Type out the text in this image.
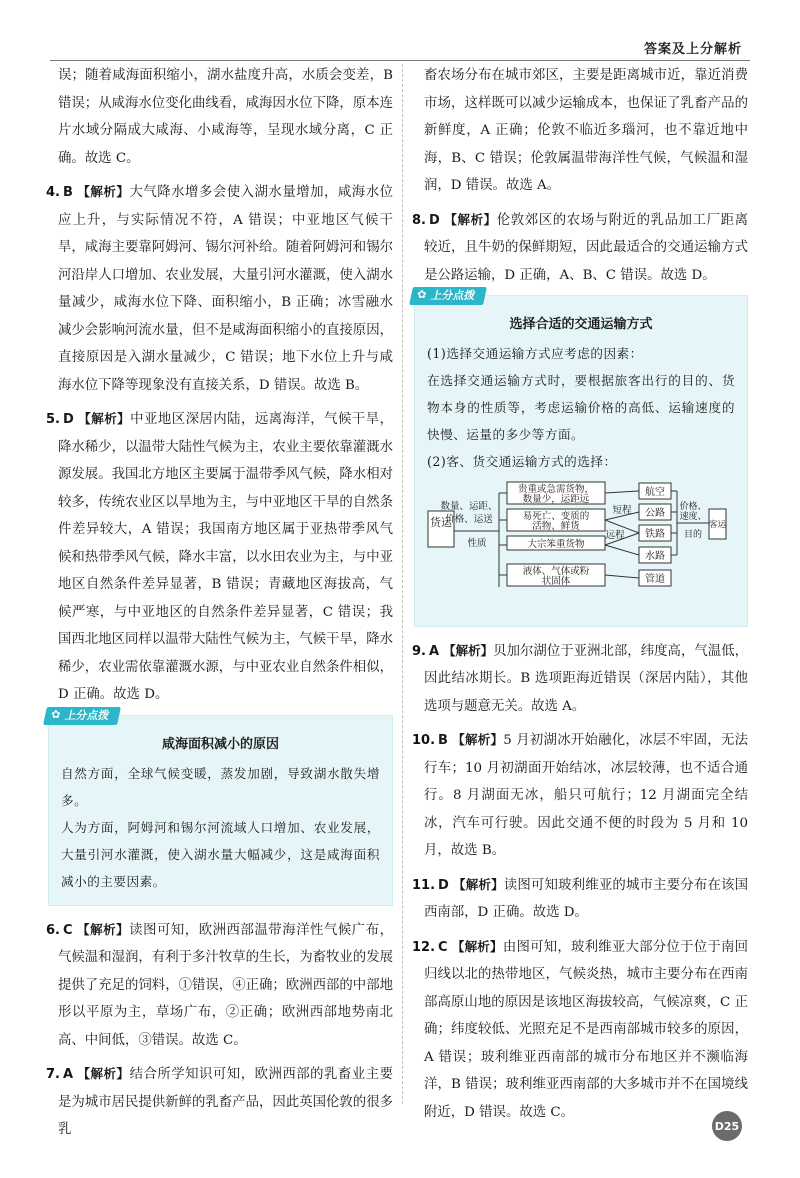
答案及上分解析

误；随着咸海面积缩小，湖水盐度升高，水质会变差，B 错误；从咸海水位变化曲线看，咸海因水位下降，原本连片水域分隔成大咸海、小咸海等，呈现水域分离，C 正确。故选 C。

4. B 【解析】大气降水增多会使入湖水量增加，咸海水位应上升，与实际情况不符，A 错误；中亚地区气候干旱，咸海主要靠阿姆河、锡尔河补给。随着阿姆河和锡尔河沿岸人口增加、农业发展，大量引河水灌溉，使入湖水量减少，咸海水位下降、面积缩小，B 正确；冰雪融水减少会影响河流水量，但不是咸海面积缩小的直接原因，直接原因是入湖水量减少，C 错误；地下水位上升与咸海水位下降等现象没有直接关系，D 错误。故选 B。

5. D 【解析】中亚地区深居内陆，远离海洋，气候干旱，降水稀少，以温带大陆性气候为主，农业主要依靠灌溉水源发展。我国北方地区主要属于温带季风气候，降水相对较多，传统农业区以旱地为主，与中亚地区干旱的自然条件差异较大，A 错误；我国南方地区属于亚热带季风气候和热带季风气候，降水丰富，以水田农业为主，与中亚地区自然条件差异显著，B 错误；青藏地区海拔高，气候严寒，与中亚地区的自然条件差异显著，C 错误；我国西北地区同样以温带大陆性气候为主，气候干旱，降水稀少，农业需依靠灌溉水源，与中亚农业自然条件相似，D 正确。故选 D。

✿ 上分点拨
咸海面积减小的原因

自然方面，全球气候变暖，蒸发加剧，导致湖水散失增多。

人为方面，阿姆河和锡尔河流域人口增加、农业发展，大量引河水灌溉，使入湖水量大幅减少，这是咸海面积减小的主要因素。

6. C 【解析】读图可知，欧洲西部温带海洋性气候广布，气候温和湿润，有利于多汁牧草的生长，为畜牧业的发展提供了充足的饲料，①错误，④正确；欧洲西部的中部地形以平原为主，草场广布，②正确；欧洲西部地势南北高、中间低，③错误。故选 C。

7. A 【解析】结合所学知识可知，欧洲西部的乳畜业主要是为城市居民提供新鲜的乳畜产品，因此英国伦敦的很多乳

畜农场分布在城市郊区，主要是距离城市近，靠近消费市场，这样既可以减少运输成本，也保证了乳畜产品的新鲜度，A 正确；伦敦不临近多瑙河，也不靠近地中海，B、C 错误；伦敦属温带海洋性气候，气候温和湿润，D 错误。故选 A。

8. D 【解析】伦敦郊区的农场与附近的乳品加工厂距离较近，且牛奶的保鲜期短，因此最适合的交通运输方式是公路运输，D 正确，A、B、C 错误。故选 D。

✿ 上分点拨
选择合适的交通运输方式

(1)选择交通运输方式应考虑的因素：

在选择交通运输方式时，要根据旅客出行的目的、货物本身的性质等，考虑运输价格的高低、运输速度的快慢、运量的多少等方面。

(2)客、货交通运输方式的选择：

货运
数量、运距、
价格、运送
性质
贵重或急需货物，
数量少，运距远
易死亡、变质的
活物、鲜货
大宗笨重货物
液体、气体或粉
状固体
短程
远程
航空
公路
铁路
水路
管道
价格、
速度、
目的
客运

9. A 【解析】贝加尔湖位于亚洲北部，纬度高，气温低，因此结冰期长。B 选项距海近错误（深居内陆），其他选项与题意无关。故选 A。

10. B 【解析】5 月初湖冰开始融化，冰层不牢固，无法行车；10 月初湖面开始结冰，冰层较薄，也不适合通行。8 月湖面无冰，船只可航行；12 月湖面完全结冰，汽车可行驶。因此交通不便的时段为 5 月和 10 月，故选 B。

11. D 【解析】读图可知玻利维亚的城市主要分布在该国西南部，D 正确。故选 D。

12. C 【解析】由图可知，玻利维亚大部分位于位于南回归线以北的热带地区，气候炎热，城市主要分布在西南部高原山地的原因是该地区海拔较高，气候凉爽，C 正确；纬度较低、光照充足不是西南部城市较多的原因，A 错误；玻利维亚西南部的城市分布地区并不濒临海洋，B 错误；玻利维亚西南部的大多城市并不在国境线附近，D 错误。故选 C。

D25
